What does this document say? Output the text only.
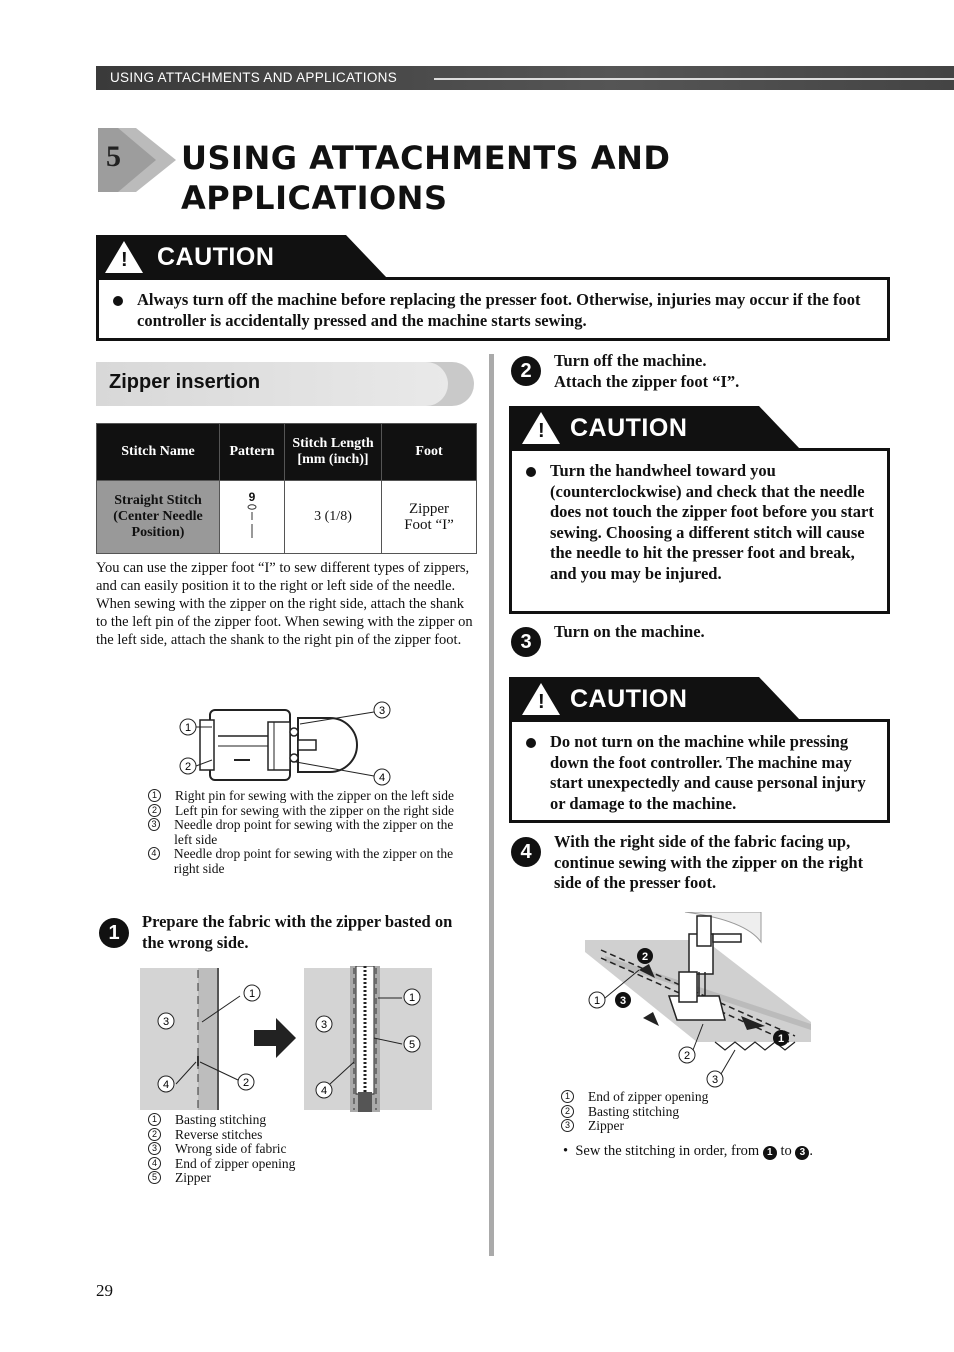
USING ATTACHMENTS AND APPLICATIONS
5 USING ATTACHMENTS AND
APPLICATIONS
! CAUTION
Always turn off the machine before replacing the presser foot. Otherwise, injuries may occur if the foot controller is accidentally pressed and the machine starts sewing.
Zipper insertion
Stitch Name	Pattern	Stitch Length [mm (inch)]	Foot
Straight Stitch (Center Needle Position)	9	3 (1/8)	Zipper Foot “I”
You can use the zipper foot “I” to sew different types of zippers, and can easily position it to the right or left side of the needle.
When sewing with the zipper on the right side, attach the shank to the left pin of the zipper foot. When sewing with the zipper on the left side, attach the shank to the right pin of the zipper foot.
1
2
3
4
1 Right pin for sewing with the zipper on the left side
2 Left pin for sewing with the zipper on the right side
3 Needle drop point for sewing with the zipper on the left side
4 Needle drop point for sewing with the zipper on the right side
1
Prepare the fabric with the zipper basted on the wrong side.
1
2
3
4
1
3
4
5
1 Basting stitching
2 Reverse stitches
3 Wrong side of fabric
4 End of zipper opening
5 Zipper
2	Turn off the machine.
Attach the zipper foot “I”.
! CAUTION
Turn the handwheel toward you (counterclockwise) and check that the needle does not touch the zipper foot before you start sewing. Choosing a different stitch will cause the needle to hit the presser foot and break, and you may be injured.
3	Turn on the machine.
! CAUTION
Do not turn on the machine while pressing down the foot controller. The machine may start unexpectedly and cause personal injury or damage to the machine.
4	With the right side of the fabric facing up, continue sewing with the zipper on the right side of the presser foot.
2
1 3
1
2
3
1 End of zipper opening
2 Basting stitching
3 Zipper
•  Sew the stitching in order, from 1 to 3 .
29
